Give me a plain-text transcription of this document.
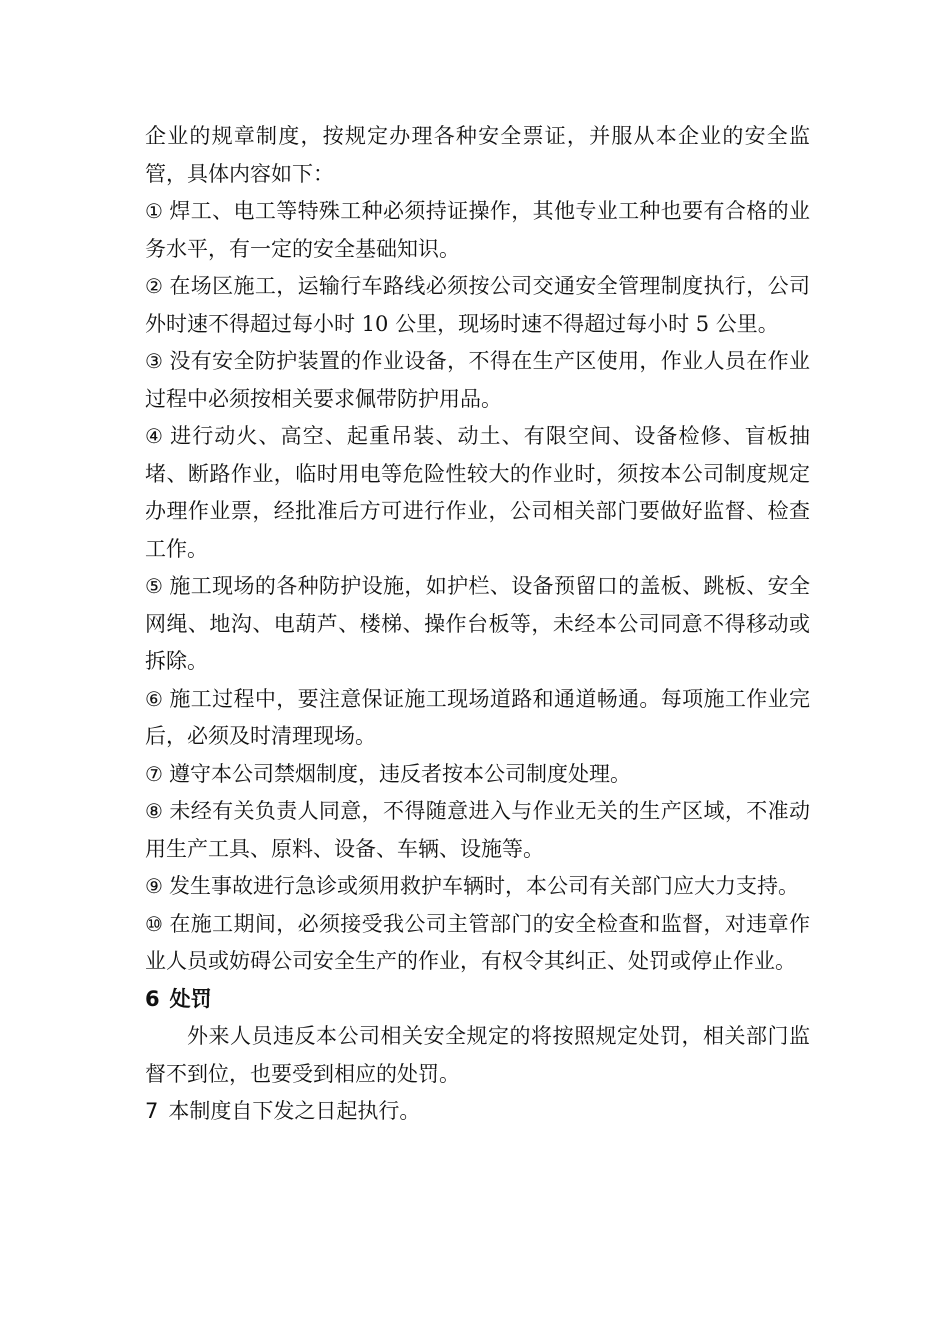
企业的规章制度，按规定办理各种安全票证，并服从本企业的安全监管，具体内容如下：

① 焊工、电工等特殊工种必须持证操作，其他专业工种也要有合格的业务水平，有一定的安全基础知识。

② 在场区施工，运输行车路线必须按公司交通安全管理制度执行，公司外时速不得超过每小时 10 公里，现场时速不得超过每小时 5 公里。

③ 没有安全防护装置的作业设备，不得在生产区使用，作业人员在作业过程中必须按相关要求佩带防护用品。

④ 进行动火、高空、起重吊装、动土、有限空间、设备检修、盲板抽堵、断路作业，临时用电等危险性较大的作业时，须按本公司制度规定办理作业票，经批准后方可进行作业，公司相关部门要做好监督、检查工作。

⑤ 施工现场的各种防护设施，如护栏、设备预留口的盖板、跳板、安全网绳、地沟、电葫芦、楼梯、操作台板等，未经本公司同意不得移动或拆除。

⑥ 施工过程中，要注意保证施工现场道路和通道畅通。每项施工作业完后，必须及时清理现场。

⑦ 遵守本公司禁烟制度，违反者按本公司制度处理。

⑧ 未经有关负责人同意，不得随意进入与作业无关的生产区域，不准动用生产工具、原料、设备、车辆、设施等。

⑨ 发生事故进行急诊或须用救护车辆时，本公司有关部门应大力支持。

⑩ 在施工期间，必须接受我公司主管部门的安全检查和监督，对违章作业人员或妨碍公司安全生产的作业，有权令其纠正、处罚或停止作业。

6 处罚

外来人员违反本公司相关安全规定的将按照规定处罚，相关部门监督不到位，也要受到相应的处罚。

7 本制度自下发之日起执行。
